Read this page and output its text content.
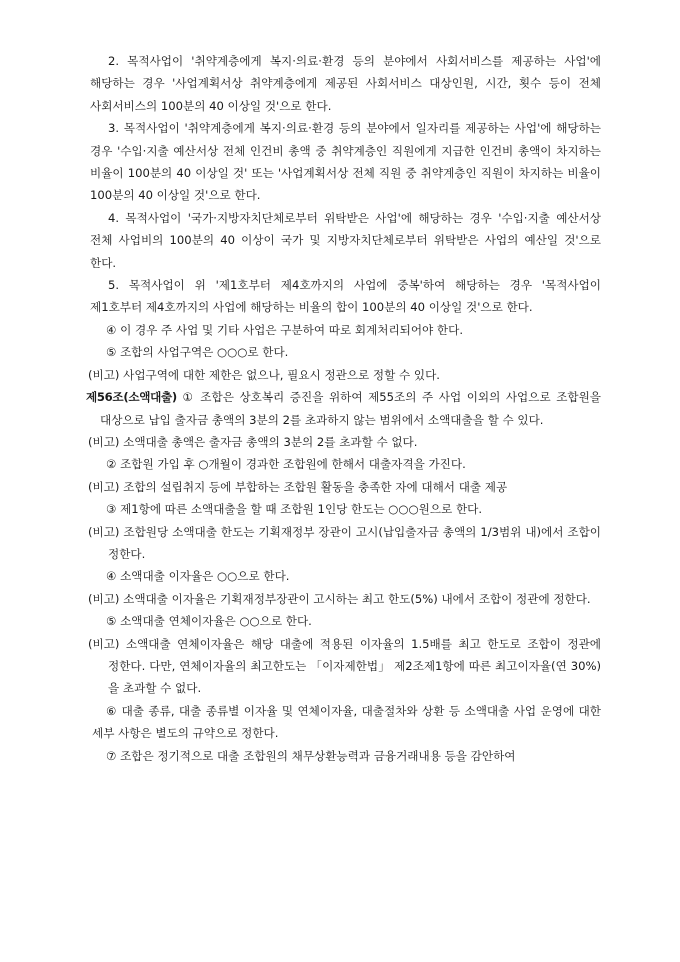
2. 목적사업이 '취약계층에게 복지·의료·환경 등의 분야에서 사회서비스를 제공하는 사업'에 해당하는 경우 '사업계획서상 취약계층에게 제공된 사회서비스 대상인원, 시간, 횟수 등이 전체 사회서비스의 100분의 40 이상일 것'으로 한다.

3. 목적사업이 '취약계층에게 복지·의료·환경 등의 분야에서 일자리를 제공하는 사업'에 해당하는 경우 '수입·지출 예산서상 전체 인건비 총액 중 취약계층인 직원에게 지급한 인건비 총액이 차지하는 비율이 100분의 40 이상일 것' 또는 '사업계획서상 전체 직원 중 취약계층인 직원이 차지하는 비율이 100분의 40 이상일 것'으로 한다.

4. 목적사업이 '국가·지방자치단체로부터 위탁받은 사업'에 해당하는 경우 '수입·지출 예산서상 전체 사업비의 100분의 40 이상이 국가 및 지방자치단체로부터 위탁받은 사업의 예산일 것'으로 한다.

5. 목적사업이 위 '제1호부터 제4호까지의 사업에 중복'하여 해당하는 경우 '목적사업이 제1호부터 제4호까지의 사업에 해당하는 비율의 합이 100분의 40 이상일 것'으로 한다.

④ 이 경우 주 사업 및 기타 사업은 구분하여 따로 회계처리되어야 한다.

⑤ 조합의 사업구역은 ○○○로 한다.

(비고) 사업구역에 대한 제한은 없으나, 필요시 정관으로 정할 수 있다.

제56조(소액대출) ① 조합은 상호복리 증진을 위하여 제55조의 주 사업 이외의 사업으로 조합원을 대상으로 납입 출자금 총액의 3분의 2를 초과하지 않는 범위에서 소액대출을 할 수 있다.

(비고) 소액대출 총액은 출자금 총액의 3분의 2를 초과할 수 없다.

② 조합원 가입 후 ○개월이 경과한 조합원에 한해서 대출자격을 가진다.

(비고) 조합의 설립취지 등에 부합하는 조합원 활동을 충족한 자에 대해서 대출 제공

③ 제1항에 따른 소액대출을 할 때 조합원 1인당 한도는 ○○○원으로 한다.

(비고) 조합원당 소액대출 한도는 기획재정부 장관이 고시(납입출자금 총액의 1/3범위 내)에서 조합이 정한다.

④ 소액대출 이자율은 ○○으로 한다.

(비고) 소액대출 이자율은 기획재정부장관이 고시하는 최고 한도(5%) 내에서 조합이 정관에 정한다.

⑤ 소액대출 연체이자율은 ○○으로 한다.

(비고) 소액대출 연체이자율은 해당 대출에 적용된 이자율의 1.5배를 최고 한도로 조합이 정관에 정한다. 다만, 연체이자율의 최고한도는 「이자제한법」 제2조제1항에 따른 최고이자율(연 30%)을 초과할 수 없다.

⑥ 대출 종류, 대출 종류별 이자율 및 연체이자율, 대출절차와 상환 등 소액대출 사업 운영에 대한 세부 사항은 별도의 규약으로 정한다.

⑦ 조합은 정기적으로 대출 조합원의 채무상환능력과 금융거래내용 등을 감안하여
